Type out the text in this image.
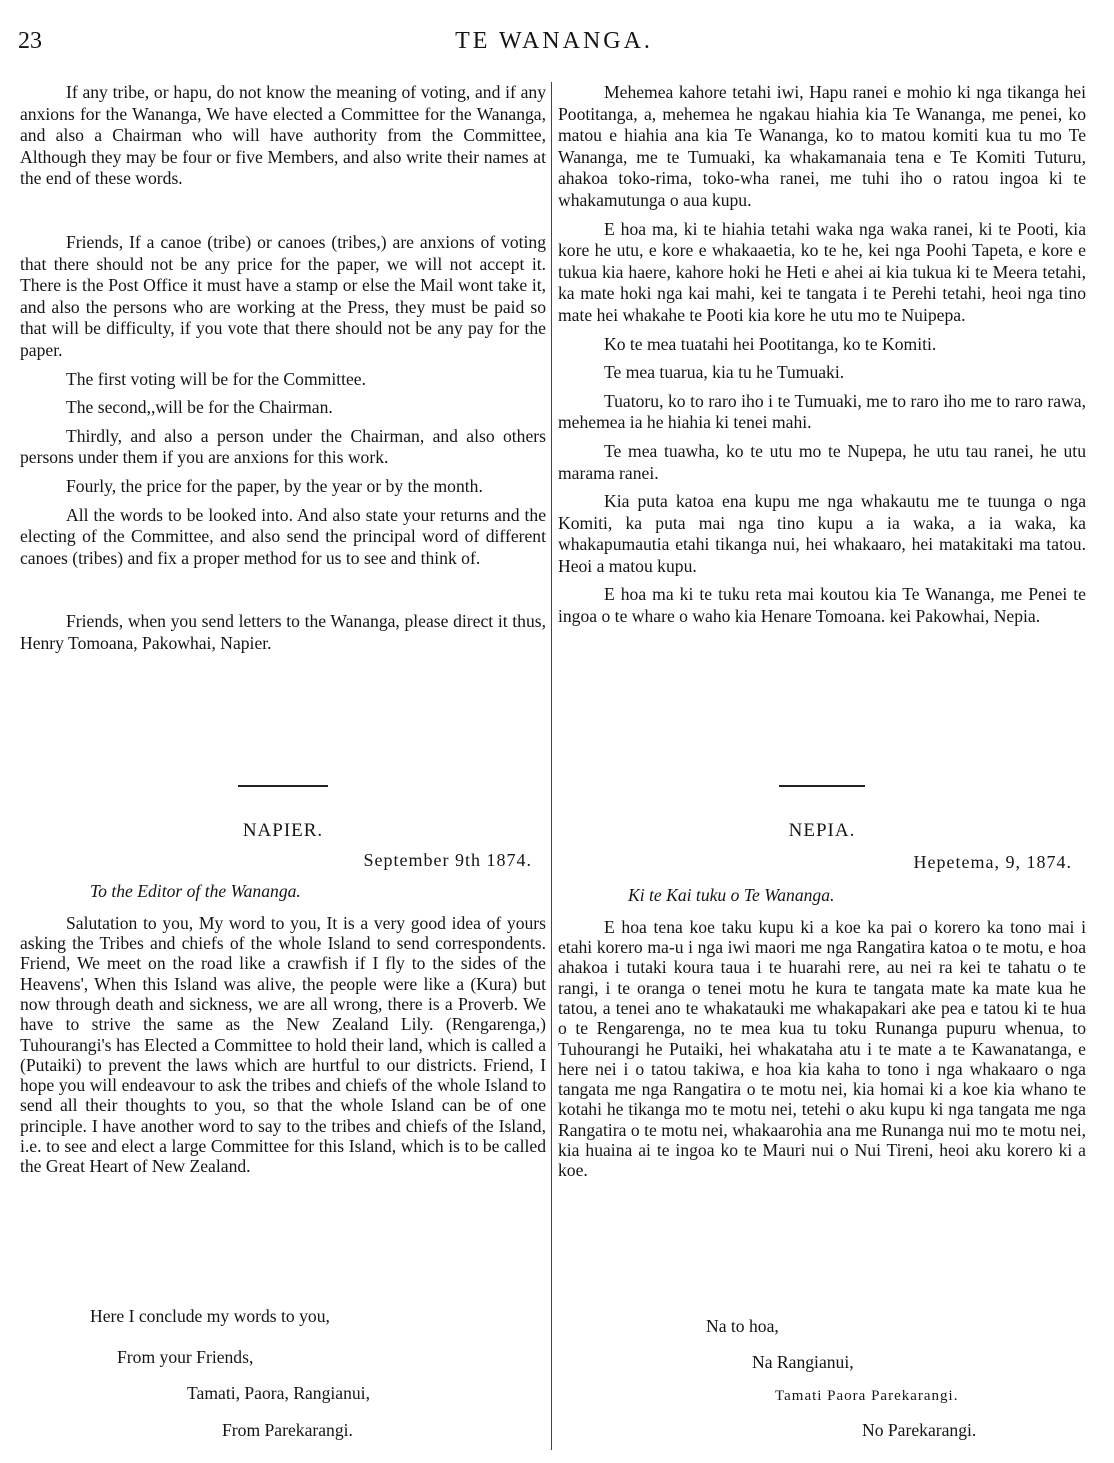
23	TE WANANGA.

If any tribe, or hapu, do not know the meaning of voting, and if any anxions for the Wananga, We have elected a Committee for the Wananga, and also a Chairman who will have authority from the Committee, Although they may be four or five Members, and also write their names at the end of these words.

Friends, If a canoe (tribe) or canoes (tribes,) are anxions of voting that there should not be any price for the paper, we will not accept it. There is the Post Office it must have a stamp or else the Mail wont take it, and also the persons who are working at the Press, they must be paid so that will be difficulty, if you vote that there should not be any pay for the paper.

The first voting will be for the Committee.

The second,,will be for the Chairman.

Thirdly, and also a person under the Chairman, and also others persons under them if you are anxions for this work.

Fourly, the price for the paper, by the year or by the month.

All the words to be looked into. And also state your returns and the electing of the Committee, and also send the principal word of different canoes (tribes) and fix a proper method for us to see and think of.

Friends, when you send letters to the Wananga, please direct it thus, Henry Tomoana, Pakowhai, Napier.

Mehemea kahore tetahi iwi, Hapu ranei e mohio ki nga tikanga hei Pootitanga, a, mehemea he ngakau hiahia kia Te Wananga, me penei, ko matou e hiahia ana kia Te Wananga, ko to matou komiti kua tu mo Te Wananga, me te Tumuaki, ka whakamanaia tena e Te Komiti Tuturu, ahakoa toko-rima, toko-wha ranei, me tuhi iho o ratou ingoa ki te whakamutunga o aua kupu.

E hoa ma, ki te hiahia tetahi waka nga waka ranei, ki te Pooti, kia kore he utu, e kore e whakaaetia, ko te he, kei nga Poohi Tapeta, e kore e tukua kia haere, kahore hoki he Heti e ahei ai kia tukua ki te Meera tetahi, ka mate hoki nga kai mahi, kei te tangata i te Perehi tetahi, heoi nga tino mate hei whakahe te Pooti kia kore he utu mo te Nuipepa.

Ko te mea tuatahi hei Pootitanga, ko te Komiti.

Te mea tuarua, kia tu he Tumuaki.

Tuatoru, ko to raro iho i te Tumuaki, me to raro iho me to raro rawa, mehemea ia he hiahia ki tenei mahi.

Te mea tuawha, ko te utu mo te Nupepa, he utu tau ranei, he utu marama ranei.

Kia puta katoa ena kupu me nga whakautu me te tuunga o nga Komiti, ka puta mai nga tino kupu a ia waka, a ia waka, ka whakapumautia etahi tikanga nui, hei whakaaro, hei matakitaki ma tatou. Heoi a matou kupu.

E hoa ma ki te tuku reta mai koutou kia Te Wananga, me Penei te ingoa o te whare o waho kia Henare Tomoana. kei Pakowhai, Nepia.

NAPIER.
September 9th 1874.

To the Editor of the Wananga.

Salutation to you, My word to you, It is a very good idea of yours asking the Tribes and chiefs of the whole Island to send correspondents. Friend, We meet on the road like a crawfish if I fly to the sides of the Heavens', When this Island was alive, the people were like a (Kura) but now through death and sickness, we are all wrong, there is a Proverb. We have to strive the same as the New Zealand Lily. (Rengarenga,) Tuhourangi's has Elected a Committee to hold their land, which is called a (Putaiki) to prevent the laws which are hurtful to our districts. Friend, I hope you will endeavour to ask the tribes and chiefs of the whole Island to send all their thoughts to you, so that the whole Island can be of one principle. I have another word to say to the tribes and chiefs of the Island, i.e. to see and elect a large Committee for this Island, which is to be called the Great Heart of New Zealand.

NEPIA.
Hepetema, 9, 1874.

Ki te Kai tuku o Te Wananga.

E hoa tena koe taku kupu ki a koe ka pai o korero ka tono mai i etahi korero ma-u i nga iwi maori me nga Rangatira katoa o te motu, e hoa ahakoa i tutaki koura taua i te huarahi rere, au nei ra kei te tahatu o te rangi, i te oranga o tenei motu he kura te tangata mate ka mate kua he tatou, a tenei ano te whakatauki me whakapakari ake pea e tatou ki te hua o te Rengarenga, no te mea kua tu toku Runanga pupuru whenua, to Tuhourangi he Putaiki, hei whakataha atu i te mate a te Kawanatanga, e here nei i o tatou takiwa, e hoa kia kaha to tono i nga whakaaro o nga tangata me nga Rangatira o te motu nei, kia homai ki a koe kia whano te kotahi he tikanga mo te motu nei, tetehi o aku kupu ki nga tangata me nga Rangatira o te motu nei, whakaarohia ana me Runanga nui mo te motu nei, kia huaina ai te ingoa ko te Mauri nui o Nui Tireni, heoi aku korero ki a koe.

Here I conclude my words to you,
From your Friends,
Tamati, Paora, Rangianui,
From Parekarangi.
Na to hoa,
Na Rangianui,
Tamati Paora Parekarangi.
No Parekarangi.
